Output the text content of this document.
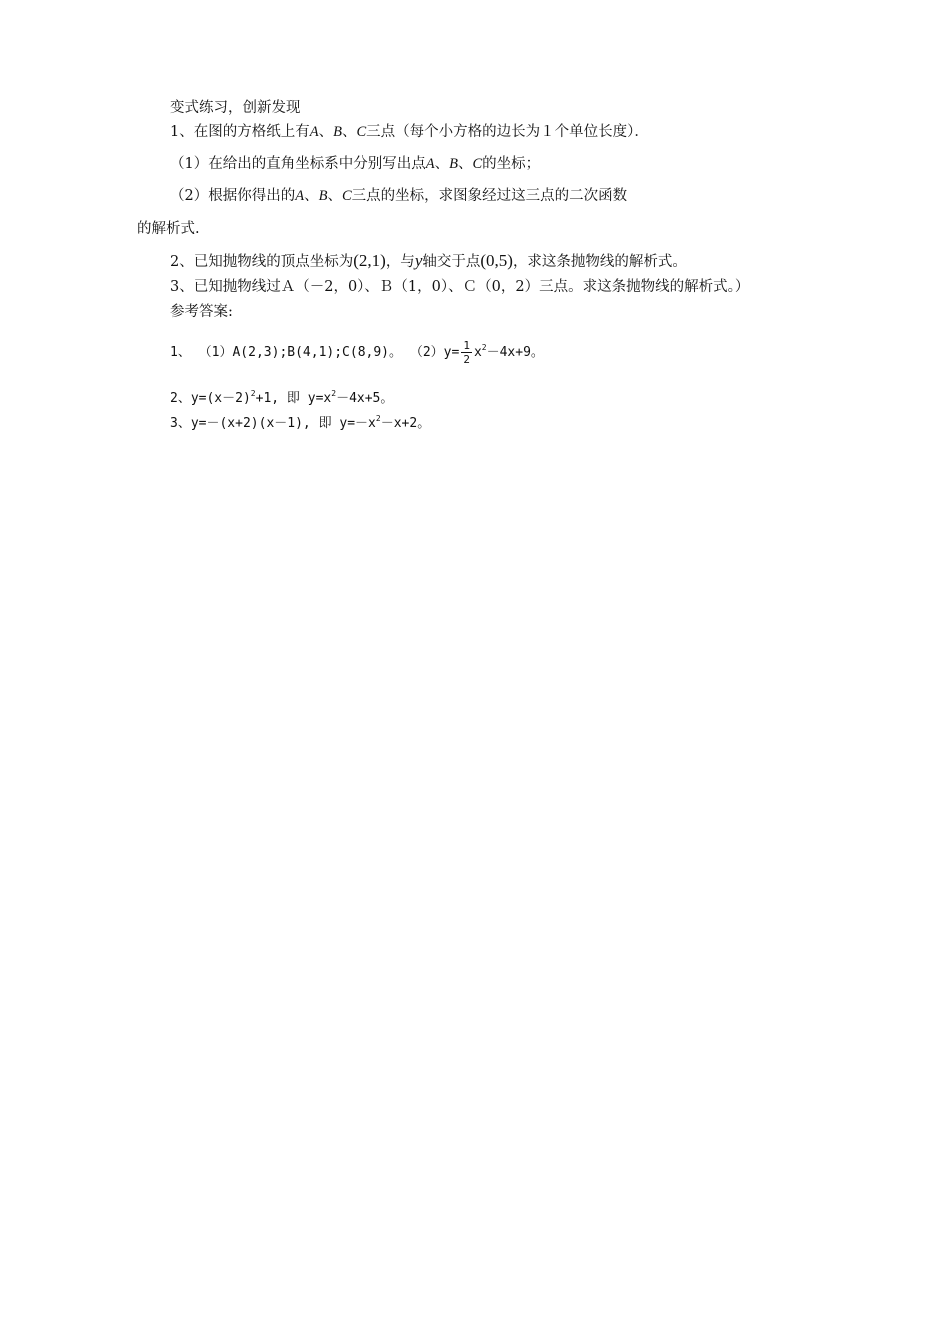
变式练习，创新发现
1、在图的方格纸上有A、B、C三点（每个小方格的边长为１个单位长度）．
（1）在给出的直角坐标系中分别写出点A、B、C的坐标；
（2）根据你得出的A、B、C三点的坐标，求图象经过这三点的二次函数
的解析式.
2、已知抛物线的顶点坐标为(2,1)，与y轴交于点(0,5)，求这条抛物线的解析式。
3、已知抛物线过Ａ（－2，0）、Ｂ（1，0）、Ｃ（0，2）三点。求这条抛物线的解析式。）
参考答案:
1、 （1）A(2,3);B(4,1);C(8,9)。 $(2)y= \frac{1}{2} x^2-4x+9$。
2、$y=(x-2)^2+1$, 即 $y=x^2-4x+5$。
3、y=－(x+2)(x－1), 即 $y=-x^2-x+2$。
